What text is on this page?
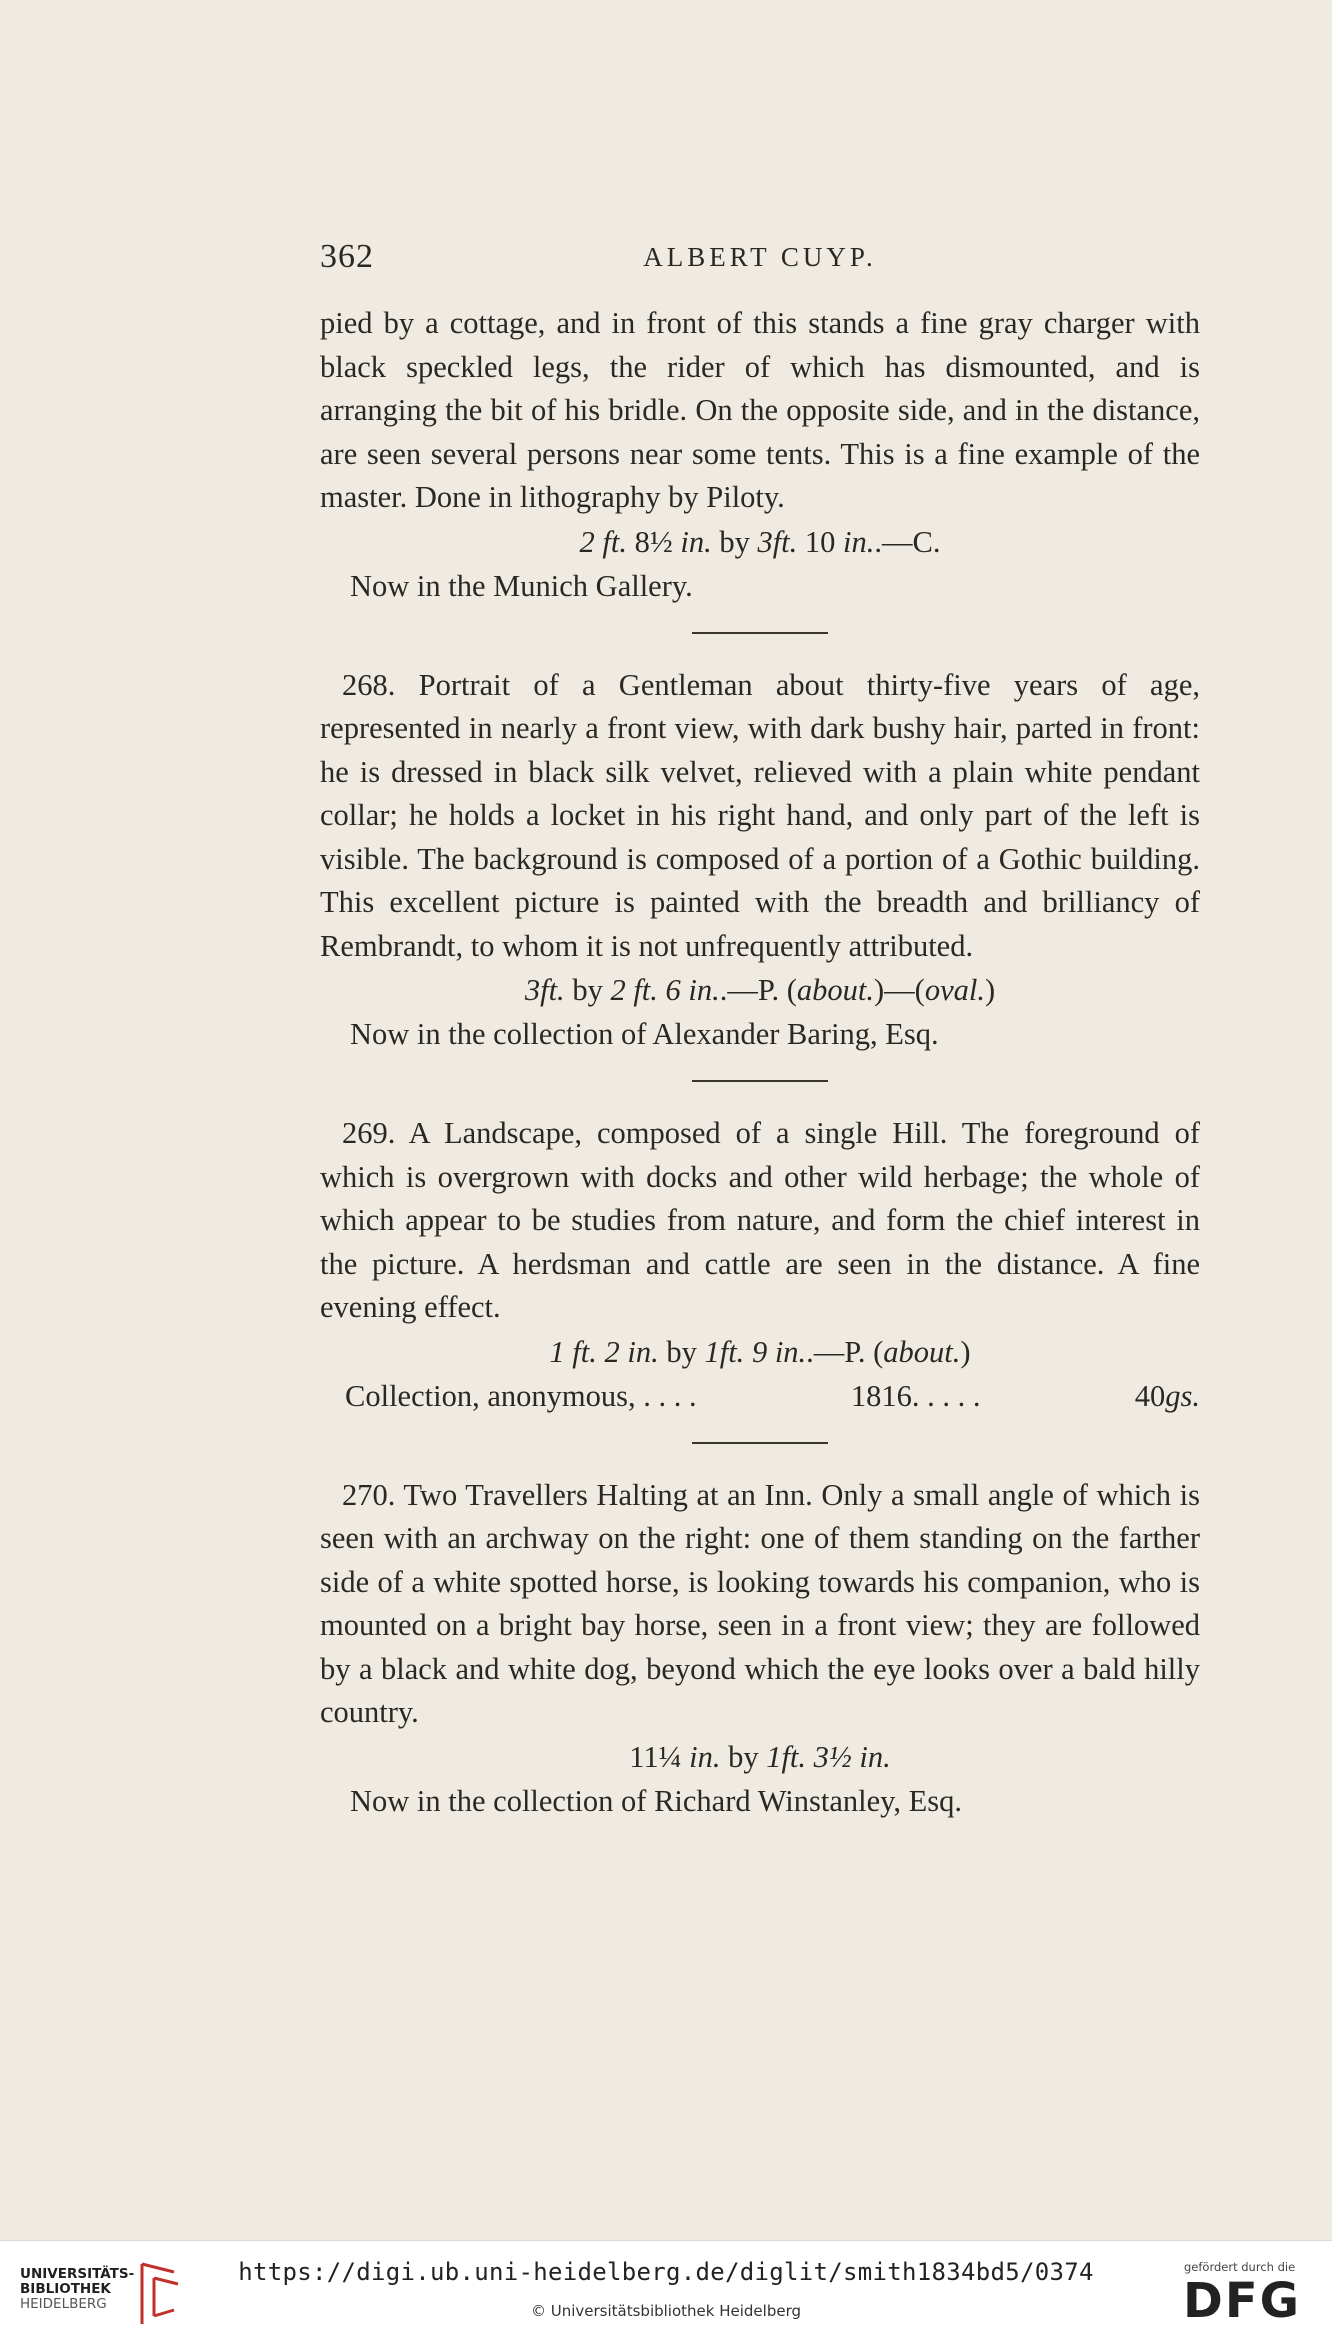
362	ALBERT CUYP.

pied by a cottage, and in front of this stands a fine gray charger with black speckled legs, the rider of which has dismounted, and is arranging the bit of his bridle. On the opposite side, and in the distance, are seen several persons near some tents. This is a fine example of the master. Done in lithography by Piloty.

2 ft. 8½ in. by 3ft. 10 in..—C.

Now in the Munich Gallery.

268. Portrait of a Gentleman about thirty-five years of age, represented in nearly a front view, with dark bushy hair, parted in front: he is dressed in black silk velvet, relieved with a plain white pendant collar; he holds a locket in his right hand, and only part of the left is visible. The background is composed of a portion of a Gothic building. This excellent picture is painted with the breadth and brilliancy of Rembrandt, to whom it is not unfrequently attributed.

3ft. by 2 ft. 6 in..—P. (about.)—(oval.)

Now in the collection of Alexander Baring, Esq.

269. A Landscape, composed of a single Hill. The foreground of which is overgrown with docks and other wild herbage; the whole of which appear to be studies from nature, and form the chief interest in the picture. A herdsman and cattle are seen in the distance. A fine evening effect.

1 ft. 2 in. by 1ft. 9 in..—P. (about.)

Collection, anonymous, . . . .	1816. . . . .	40gs.

270. Two Travellers Halting at an Inn. Only a small angle of which is seen with an archway on the right: one of them standing on the farther side of a white spotted horse, is looking towards his companion, who is mounted on a bright bay horse, seen in a front view; they are followed by a black and white dog, beyond which the eye looks over a bald hilly country.

11¼ in. by 1ft. 3½ in.

Now in the collection of Richard Winstanley, Esq.

UNIVERSITÄTS-
BIBLIOTHEK
HEIDELBERG
https://digi.ub.uni-heidelberg.de/diglit/smith1834bd5/0374
© Universitätsbibliothek Heidelberg
gefördert durch die
DFG
